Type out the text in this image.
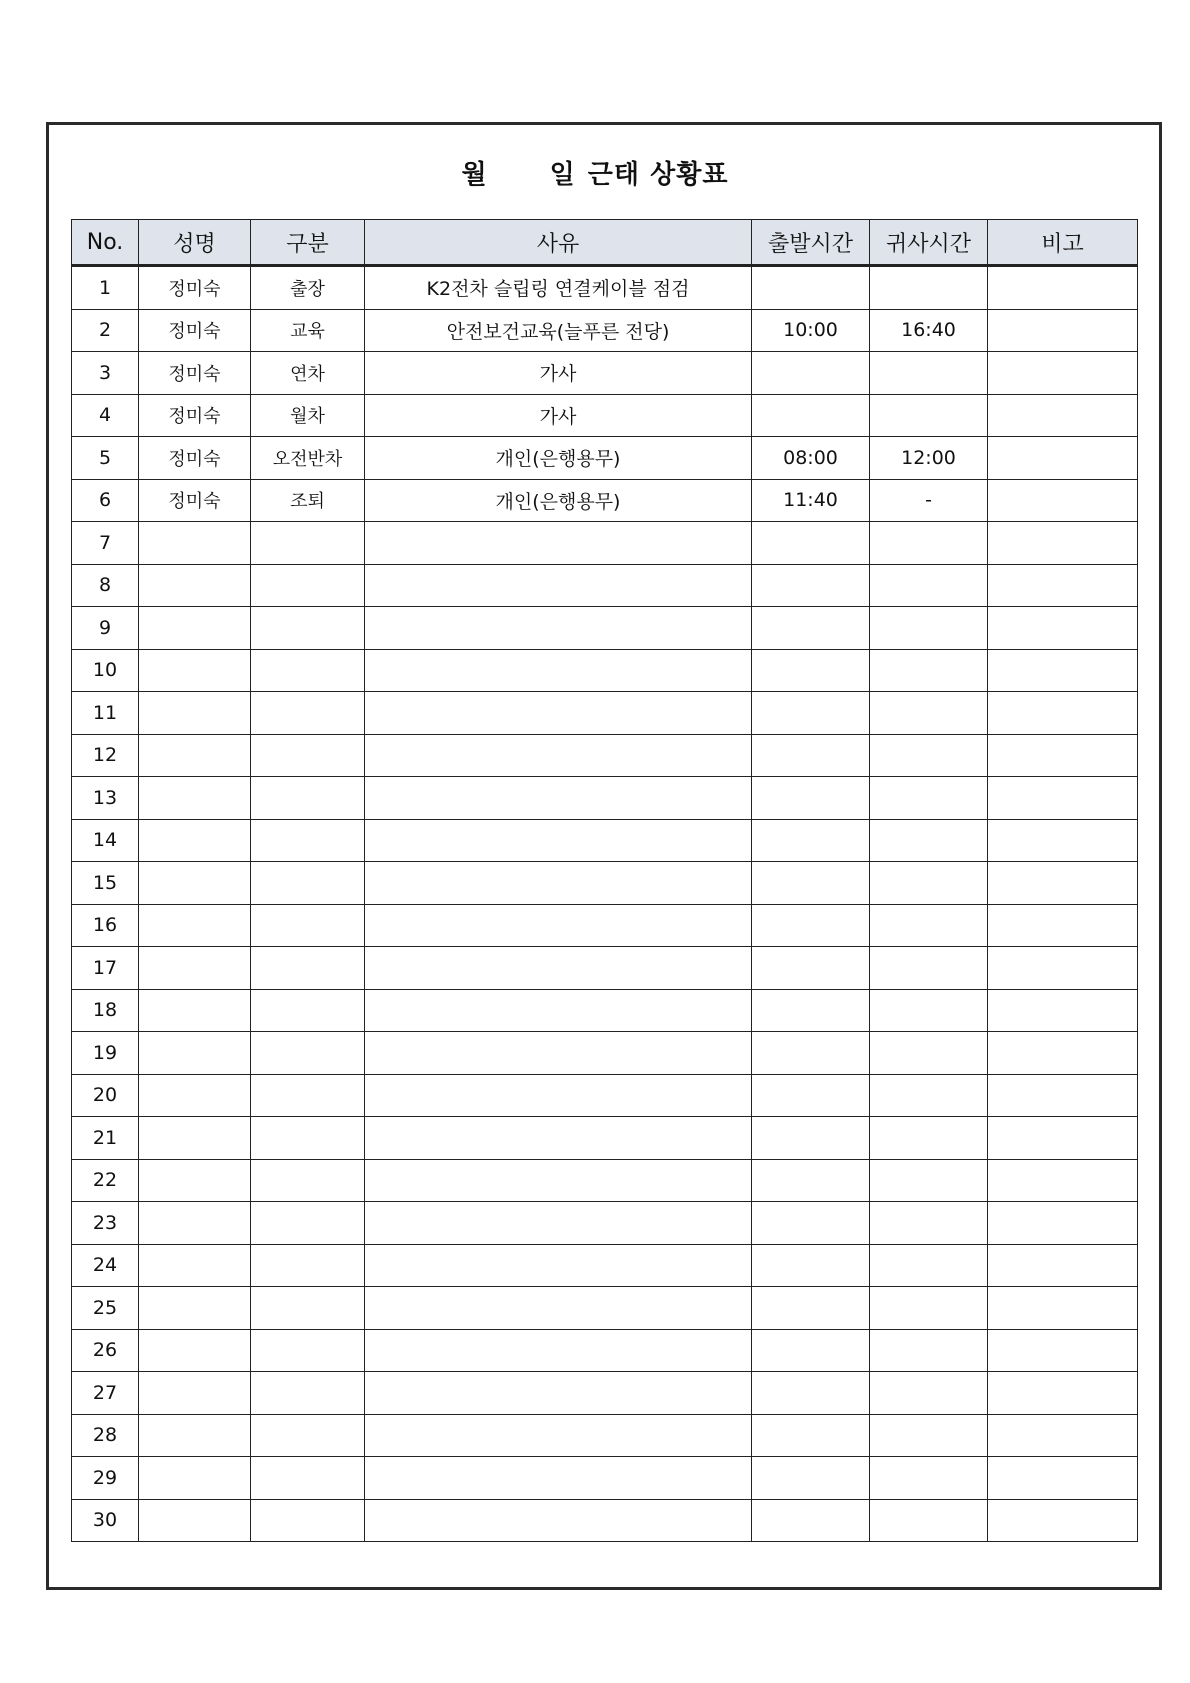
월 일 근태 상황표
No.	성명	구분	사유	출발시간	귀사시간	비고
1	정미숙	출장	K2전차 슬립링 연결케이블 점검			
2	정미숙	교육	안전보건교육(늘푸른 전당)	10:00	16:40	
3	정미숙	연차	가사			
4	정미숙	월차	가사			
5	정미숙	오전반차	개인(은행용무)	08:00	12:00	
6	정미숙	조퇴	개인(은행용무)	11:40	-	
7						
8						
9						
10						
11						
12						
13						
14						
15						
16						
17						
18						
19						
20						
21						
22						
23						
24						
25						
26						
27						
28						
29						
30						
